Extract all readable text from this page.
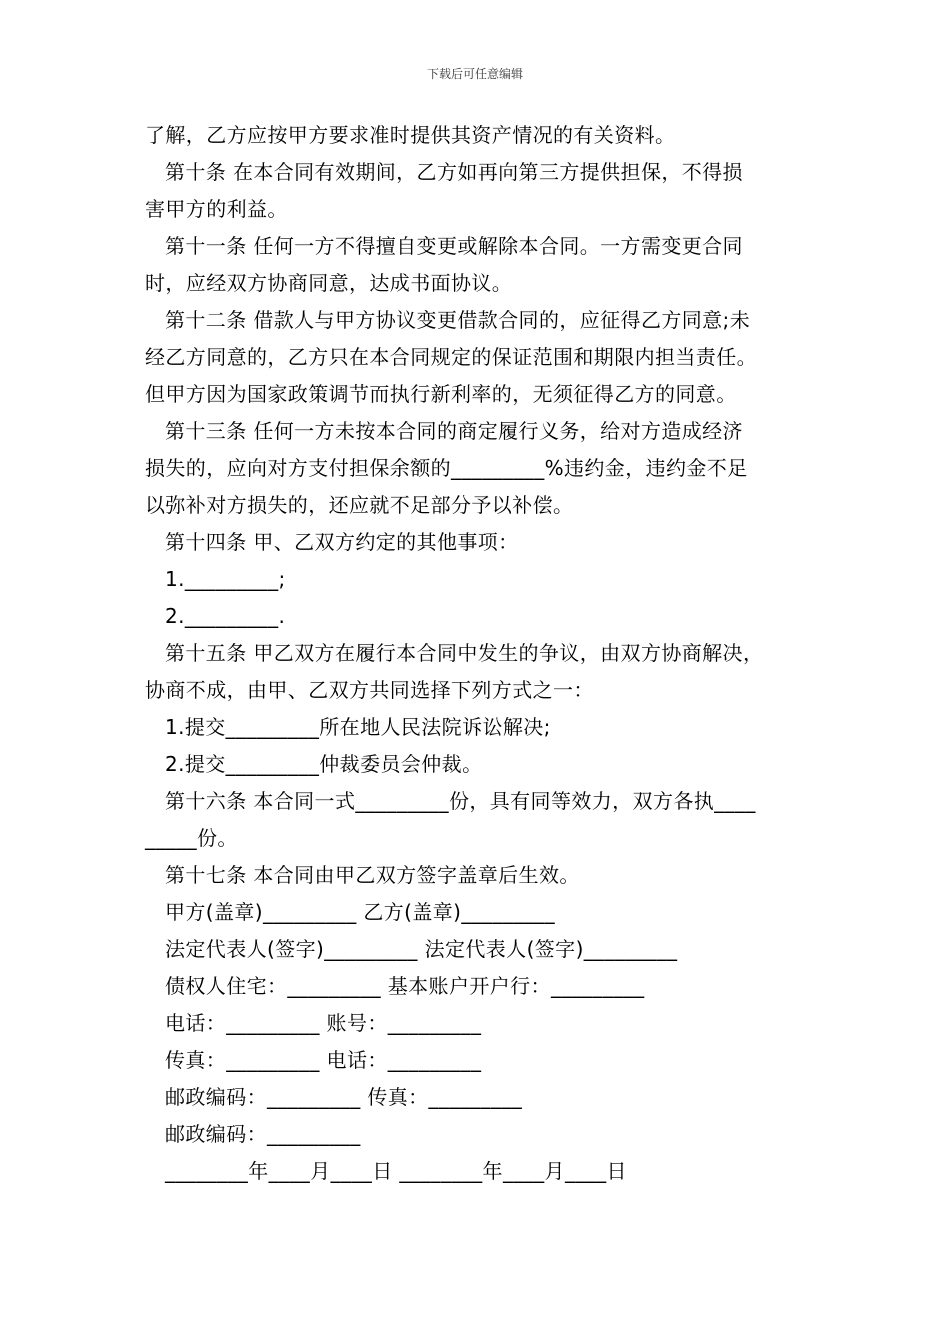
下载后可任意编辑
了解，乙方应按甲方要求准时提供其资产情况的有关资料。
第十条 在本合同有效期间，乙方如再向第三方提供担保，不得损
害甲方的利益。
第十一条 任何一方不得擅自变更或解除本合同。一方需变更合同
时，应经双方协商同意，达成书面协议。
第十二条 借款人与甲方协议变更借款合同的，应征得乙方同意;未
经乙方同意的，乙方只在本合同规定的保证范围和期限内担当责任。
但甲方因为国家政策调节而执行新利率的，无须征得乙方的同意。
第十三条 任何一方未按本合同的商定履行义务，给对方造成经济
损失的，应向对方支付担保余额的_________%违约金，违约金不足
以弥补对方损失的，还应就不足部分予以补偿。
第十四条 甲、乙双方约定的其他事项：
1._________;
2._________.
第十五条 甲乙双方在履行本合同中发生的争议，由双方协商解决，
协商不成，由甲、乙双方共同选择下列方式之一：
1.提交_________所在地人民法院诉讼解决;
2.提交_________仲裁委员会仲裁。
第十六条 本合同一式_________份，具有同等效力，双方各执____
_____份。
第十七条 本合同由甲乙双方签字盖章后生效。
甲方(盖章)_________ 乙方(盖章)_________
法定代表人(签字)_________ 法定代表人(签字)_________
债权人住宅：_________ 基本账户开户行：_________
电话：_________ 账号：_________
传真：_________ 电话：_________
邮政编码：_________ 传真：_________
邮政编码：_________
________年____月____日 ________年____月____日
